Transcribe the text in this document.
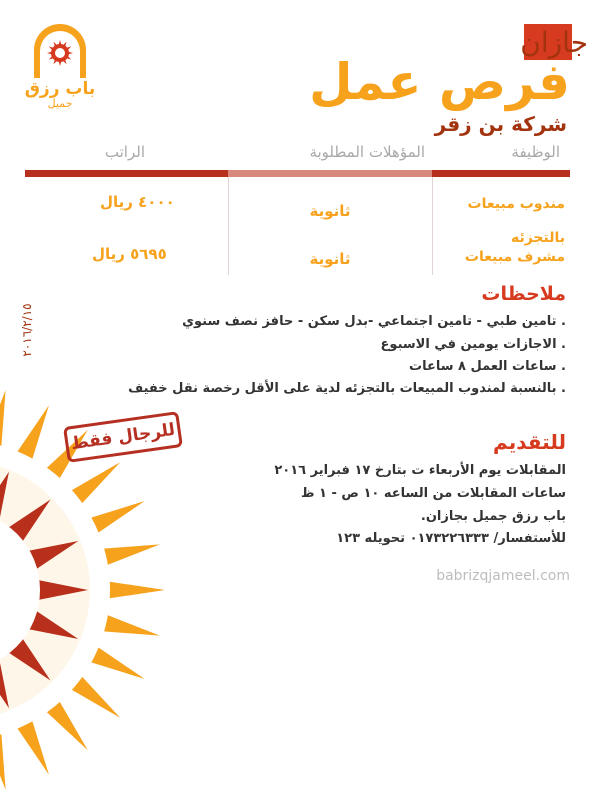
باب رزق
جميل
جازان
فرص عمل
شركة بن زقر
الوظيفة
المؤهلات المطلوبة
الراتب
مندوب مبيعات
بالتجزئه
ثانوية
٤٠٠٠ ريال
مشرف مبيعات
ثانوية
٥٦٩٥ ريال
٢٠١٦/٢/١٥
ملاحظات
. تامين طبي - تامين اجتماعي -بدل سكن - حافز نصف سنوي
. الاجازات يومين في الاسبوع
. ساعات العمل ٨ ساعات
. بالنسبة لمندوب المبيعات بالتجزئه لدية على الأقل رخصة نقل خفيف
للرجال فقط	للتقديم
المقابلات يوم الأربعاء ت بتارخ ١٧ فبراير ٢٠١٦
ساعات المقابلات من الساعه ١٠ ص - ١ ظ
باب رزق جميل بجازان.
للأستفسار/ ٠١٧٣٢٢٦٣٣٣ تحويله ١٢٣
babrizqjameel.com
